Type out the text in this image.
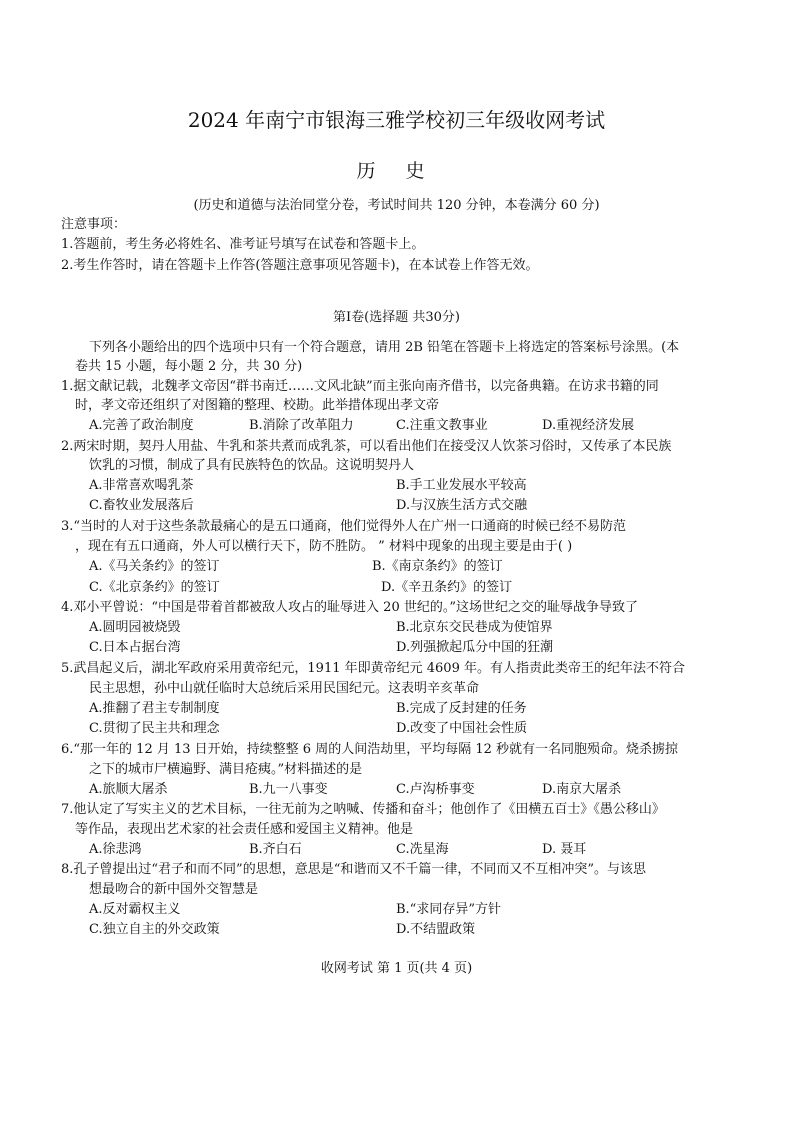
2024 年南宁市银海三雅学校初三年级收网考试
历 史
(历史和道德与法治同堂分卷，考试时间共 120 分钟，本卷满分 60 分)
注意事项：
1.答题前，考生务必将姓名、准考证号填写在试卷和答题卡上。
2.考生作答时，请在答题卡上作答(答题注意事项见答题卡)，在本试卷上作答无效。
第Ⅰ卷(选择题 共30分)
下列各小题给出的四个选项中只有一个符合题意，请用 2B 铅笔在答题卡上将选定的答案标号涂黑。(本
卷共 15 小题，每小题 2 分，共 30 分)
1.据文献记载，北魏孝文帝因“群书南迁……文风北缺”而主张向南齐借书，以完备典籍。在访求书籍的同
时，孝文帝还组织了对图籍的整理、校勘。此举措体现出孝文帝
A.完善了政治制度	B.消除了改革阻力	C.注重文教事业	D.重视经济发展
2.两宋时期，契丹人用盐、牛乳和茶共煮而成乳茶，可以看出他们在接受汉人饮茶习俗时，又传承了本民族
饮乳的习惯，制成了具有民族特色的饮品。这说明契丹人
A.非常喜欢喝乳茶	B.手工业发展水平较高
C.畜牧业发展落后	D.与汉族生活方式交融
3.“当时的人对于这些条款最痛心的是五口通商，他们觉得外人在广州一口通商的时候已经不易防范
，现在有五口通商，外人可以横行天下，防不胜防。 ” 材料中现象的出现主要是由于( )
A.《马关条约》的签订	B.《南京条约》的签订
C.《北京条约》的签订	D.《辛丑条约》的签订
4.邓小平曾说：“中国是带着首都被敌人攻占的耻辱进入 20 世纪的。”这场世纪之交的耻辱战争导致了
A.圆明园被烧毁	B.北京东交民巷成为使馆界
C.日本占据台湾	D.列强掀起瓜分中国的狂潮
5.武昌起义后，湖北军政府采用黄帝纪元，1911 年即黄帝纪元 4609 年。有人指责此类帝王的纪年法不符合
民主思想，孙中山就任临时大总统后采用民国纪元。这表明辛亥革命
A.推翻了君主专制制度	B.完成了反封建的任务
C.贯彻了民主共和理念	D.改变了中国社会性质
6.“那一年的 12 月 13 日开始，持续整整 6 周的人间浩劫里，平均每隔 12 秒就有一名同胞殒命。烧杀掳掠
之下的城市尸横遍野、满目疮痍。”材料描述的是
A.旅顺大屠杀	B.九一八事变	C.卢沟桥事变	D.南京大屠杀
7.他认定了写实主义的艺术目标，一往无前为之呐喊、传播和奋斗；他创作了《田横五百士》《愚公移山》
等作品，表现出艺术家的社会责任感和爱国主义精神。他是
A.徐悲鸿	B.齐白石	C.冼星海	D. 聂耳
8.孔子曾提出过“君子和而不同”的思想，意思是“和谐而又不千篇一律，不同而又不互相冲突”。与该思
想最吻合的新中国外交智慧是
A.反对霸权主义	B.“求同存异”方针
C.独立自主的外交政策	D.不结盟政策
收网考试 第 1 页(共 4 页)
